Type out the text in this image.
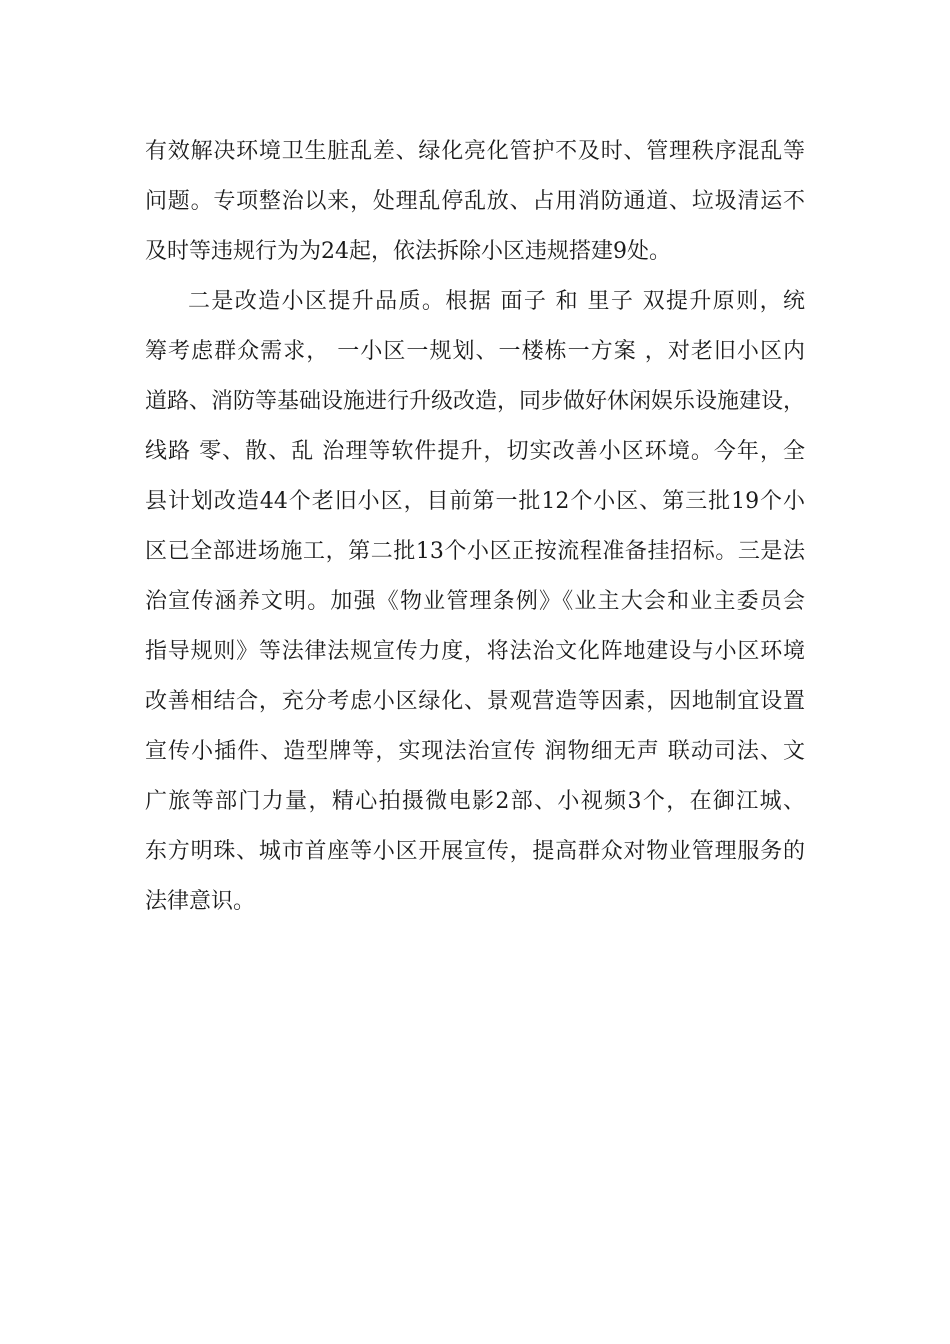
有效解决环境卫生脏乱差、绿化亮化管护不及时、管理秩序混乱等
问题。专项整治以来，处理乱停乱放、占用消防通道、垃圾清运不
及时等违规行为为24起，依法拆除小区违规搭建9处。
二是改造小区提升品质。根据 面子 和 里子 双提升原则，统
筹考虑群众需求， 一小区一规划、一楼栋一方案 ，对老旧小区内
道路、消防等基础设施进行升级改造，同步做好休闲娱乐设施建设，
线路 零、散、乱 治理等软件提升，切实改善小区环境。今年，全
县计划改造44个老旧小区，目前第一批12个小区、第三批19个小
区已全部进场施工，第二批13个小区正按流程准备挂招标。三是法
治宣传涵养文明。加强《物业管理条例》《业主大会和业主委员会
指导规则》等法律法规宣传力度，将法治文化阵地建设与小区环境
改善相结合，充分考虑小区绿化、景观营造等因素，因地制宜设置
宣传小插件、造型牌等，实现法治宣传 润物细无声 联动司法、文
广旅等部门力量，精心拍摄微电影2部、小视频3个，在御江城、
东方明珠、城市首座等小区开展宣传，提高群众对物业管理服务的
法律意识。
